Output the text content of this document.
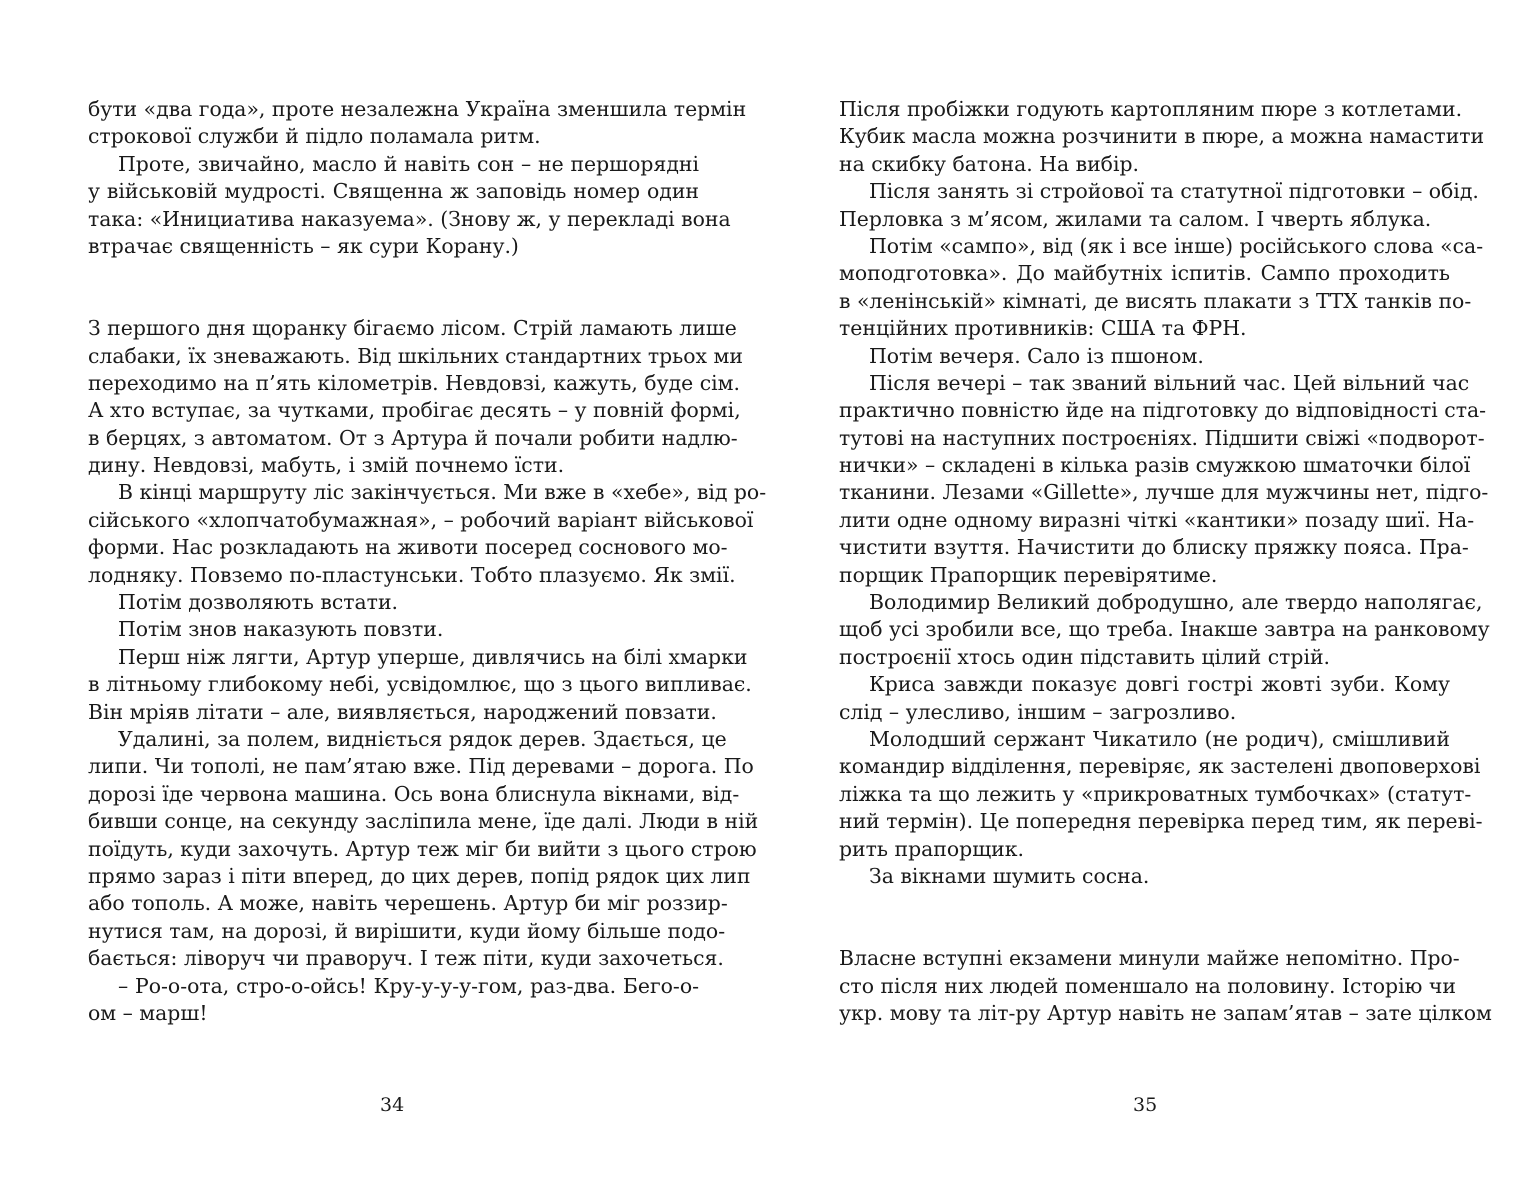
бути «два года», проте незалежна Україна зменшила термін
строкової служби й підло поламала ритм.
Проте, звичайно, масло й навіть сон – не першорядні
у військовій мудрості. Священна ж заповідь номер один
така: «Инициатива наказуема». (Знову ж, у перекладі вона
втрачає священність – як сури Корану.)
З першого дня щоранку бігаємо лісом. Стрій ламають лише
слабаки, їх зневажають. Від шкільних стандартних трьох ми
переходимо на п’ять кілометрів. Невдовзі, кажуть, буде сім.
А хто вступає, за чутками, пробігає десять – у повній формі,
в берцях, з автоматом. От з Артура й почали робити надлю-
дину. Невдовзі, мабуть, і змій почнемо їсти.
В кінці маршруту ліс закінчується. Ми вже в «хебе», від ро-
сійського «хлопчатобумажная», – робочий варіант військової
форми. Нас розкладають на животи посеред соснового мо-
лодняку. Повземо по-пластунськи. Тобто плазуємо. Як змії.
Потім дозволяють встати.
Потім знов наказують повзти.
Перш ніж лягти, Артур уперше, дивлячись на білі хмарки
в літньому глибокому небі, усвідомлює, що з цього випливає.
Він мріяв літати – але, виявляється, народжений повзати.
Удалині, за полем, видніється рядок дерев. Здається, це
липи. Чи тополі, не пам’ятаю вже. Під деревами – дорога. По
дорозі їде червона машина. Ось вона блиснула вікнами, від-
бивши сонце, на секунду засліпила мене, їде далі. Люди в ній
поїдуть, куди захочуть. Артур теж міг би вийти з цього строю
прямо зараз і піти вперед, до цих дерев, попід рядок цих лип
або тополь. А може, навіть черешень. Артур би міг роззир-
нутися там, на дорозі, й вирішити, куди йому більше подо-
бається: ліворуч чи праворуч. І теж піти, куди захочеться.
– Ро-о-ота, стро-о-ойсь! Кру-у-у-у-гом, раз-два. Бего-о-
ом – марш!
34
Після пробіжки годують картопляним пюре з котлетами.
Кубик масла можна розчинити в пюре, а можна намастити
на скибку батона. На вибір.
Після занять зі стройової та статутної підготовки – обід.
Перловка з м’ясом, жилами та салом. І чверть яблука.
Потім «сампо», від (як і все інше) російського слова «са-
моподготовка». До майбутніх іспитів. Сампо проходить
в «ленінській» кімнаті, де висять плакати з ТТХ танків по-
тенційних противників: США та ФРН.
Потім вечеря. Сало із пшоном.
Після вечері – так званий вільний час. Цей вільний час
практично повністю йде на підготовку до відповідності ста-
тутові на наступних построєніях. Підшити свіжі «подворот-
нички» – складені в кілька разів смужкою шматочки білої
тканини. Лезами «Gillette», лучше для мужчины нет, підго-
лити одне одному виразні чіткі «кантики» позаду шиї. На-
чистити взуття. Начистити до блиску пряжку пояса. Пра-
порщик Прапорщик перевірятиме.
Володимир Великий добродушно, але твердо наполягає,
щоб усі зробили все, що треба. Інакше завтра на ранковому
построєнії хтось один підставить цілий стрій.
Криса завжди показує довгі гострі жовті зуби. Кому
слід – улесливо, іншим – загрозливо.
Молодший сержант Чикатило (не родич), смішливий
командир відділення, перевіряє, як застелені двоповерхові
ліжка та що лежить у «прикроватных тумбочках» (статут-
ний термін). Це попередня перевірка перед тим, як переві-
рить прапорщик.
За вікнами шумить сосна.
Власне вступні екзамени минули майже непомітно. Про-
сто після них людей поменшало на половину. Історію чи
укр. мову та літ-ру Артур навіть не запам’ятав – зате цілком
35
